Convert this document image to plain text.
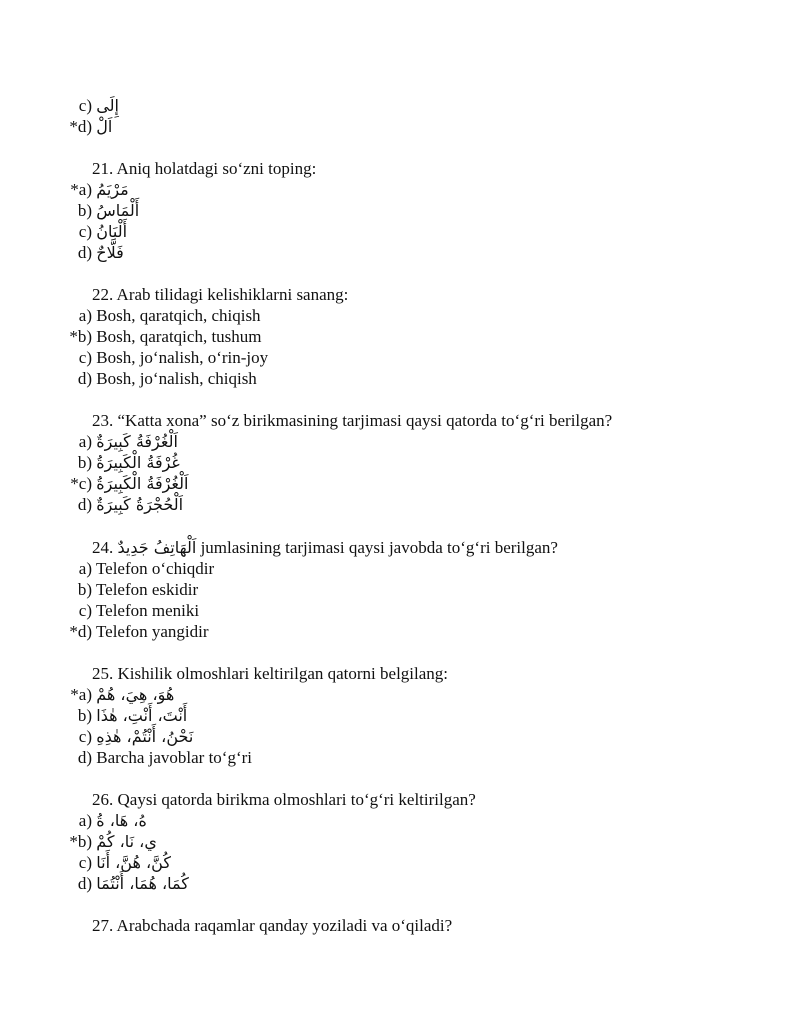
c) إِلَى
*d) اَلْ
21. Aniq holatdagi so‘zni toping:
*a) مَرْيَمُ
b) أَلْمَاسُ
c) أَلْبَانُ
d) فَلَّاحٌ
22. Arab tilidagi kelishiklarni sanang:
a) Bosh, qaratqich, chiqish
*b) Bosh, qaratqich, tushum
c) Bosh, jo‘nalish, o‘rin-joy
d) Bosh, jo‘nalish, chiqish
23. “Katta xona” so‘z birikmasining tarjimasi qaysi qatorda to‘g‘ri berilgan?
a) اَلْغُرْفَةُ كَبِيرَةٌ
b) غُرْفَةُ الْكَبِيرَةُ
*c) اَلْغُرْفَةُ الْكَبِيرَةُ
d) اَلْحُجْرَةُ كَبِيرَةٌ
24. اَلْهَاتِفُ جَدِيدٌ jumlasining tarjimasi qaysi javobda to‘g‘ri berilgan?
a) Telefon o‘chiqdir
b) Telefon eskidir
c) Telefon meniki
*d) Telefon yangidir
25. Kishilik olmoshlari keltirilgan qatorni belgilang:
*a) هُوَ، هِيَ، هُمْ
b) أَنْتَ، أَنْتِ، هٰذَا
c) نَحْنُ، أَنْتُمْ، هٰذِهِ
d) Barcha javoblar to‘g‘ri
26. Qaysi qatorda birikma olmoshlari to‘g‘ri keltirilgan?
a) هُ، هَا، ةُ
*b) ي، نَا، كُمْ
c) كُنَّ، هُنَّ، أَنَا
d) كُمَا، هُمَا، أَنْتُمَا
27. Arabchada raqamlar qanday yoziladi va o‘qiladi?
